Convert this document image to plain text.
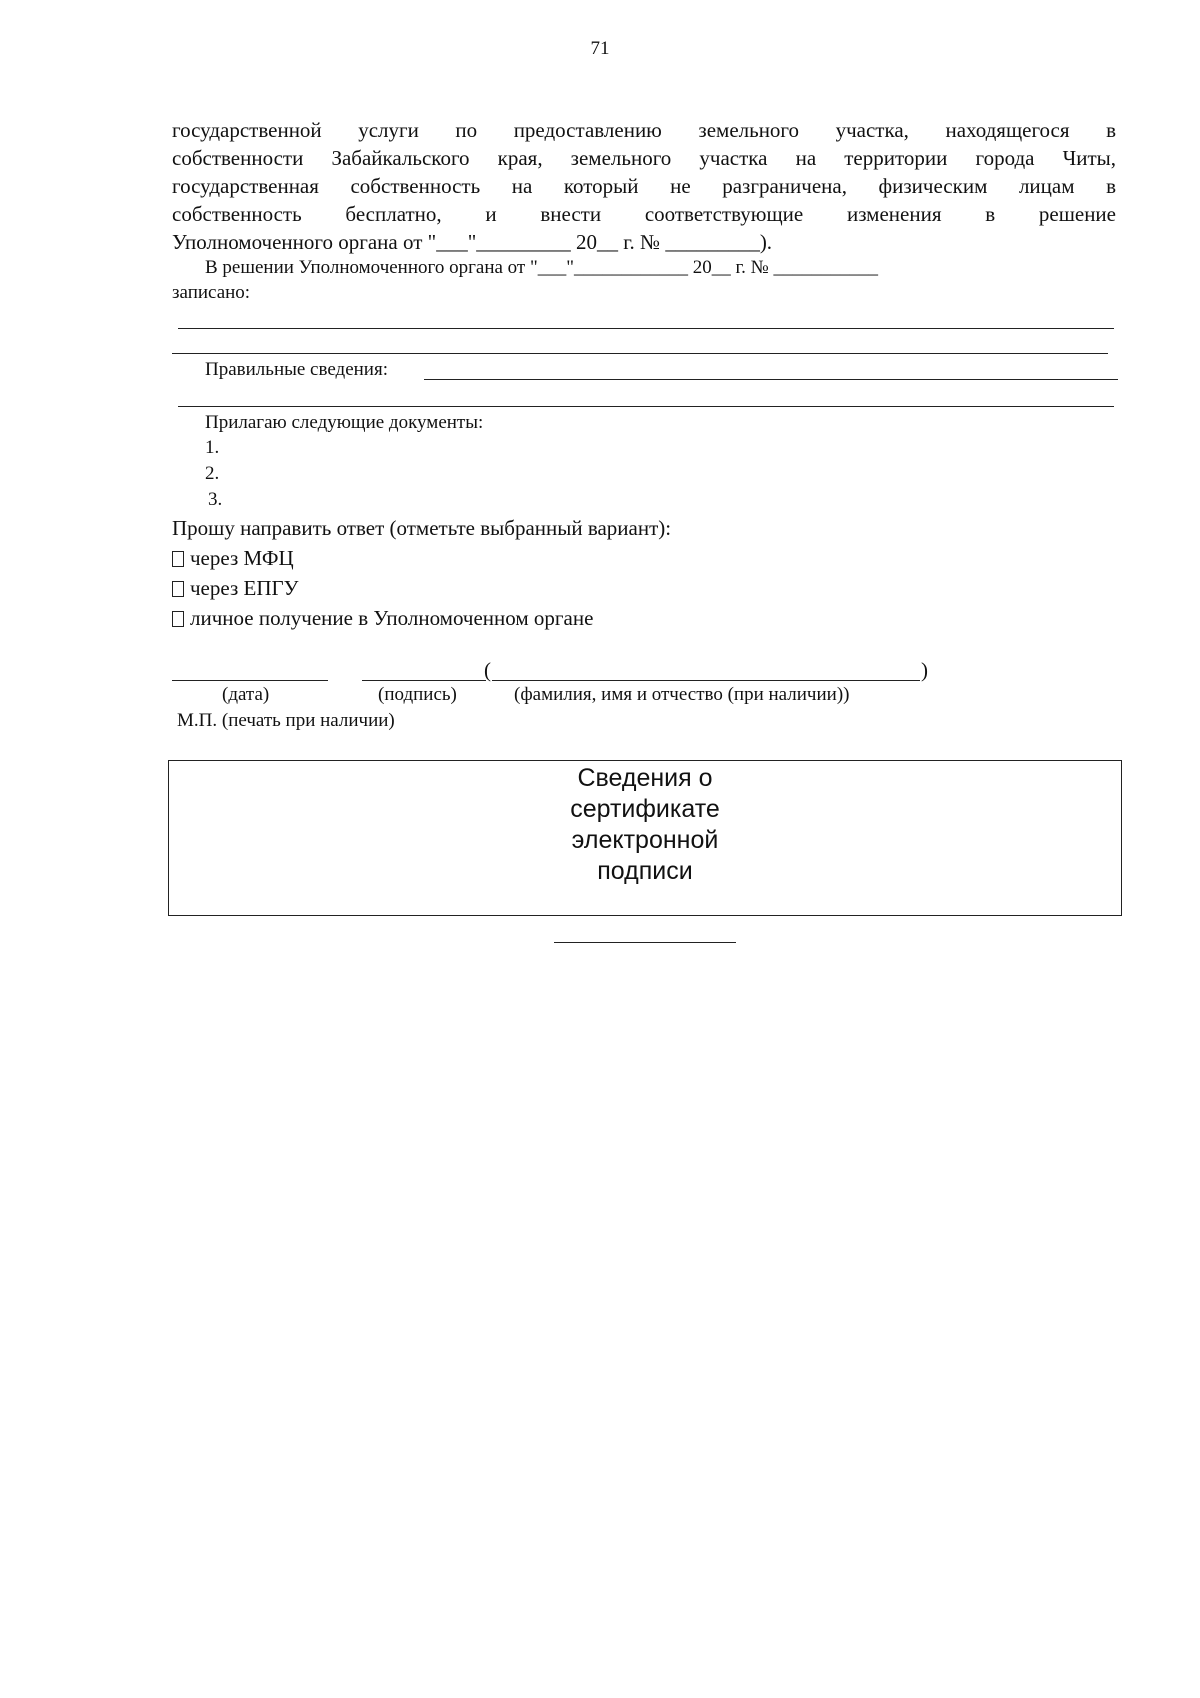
71
государственной услуги по предоставлению земельного участка, находящегося в
собственности Забайкальского края, земельного участка на территории города Читы,
государственная собственность на который не разграничена, физическим лицам в
собственность бесплатно, и внести соответствующие изменения в решение
Уполномоченного органа от "___"_________ 20__ г. № _________).
В решении Уполномоченного органа от "___"____________ 20__ г. № ___________
записано:
Правильные сведения:
Прилагаю следующие документы:
1.
2.
3.
Прошу направить ответ (отметьте выбранный вариант):
через МФЦ
через ЕПГУ
личное получение в Уполномоченном органе
(	)
(дата)	(подпись)	(фамилия, имя и отчество (при наличии))
М.П. (печать при наличии)
Сведения о
сертификате
электронной
подписи
